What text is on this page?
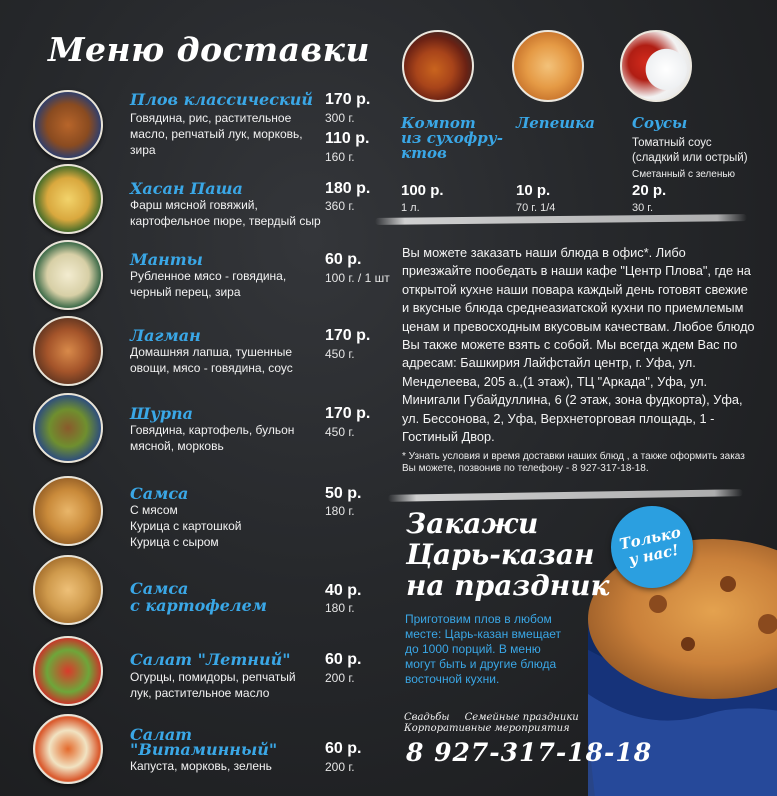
Меню доставки
Плов классический
Говядина, рис, растительное масло, репчатый лук, морковь, зира
170 р.
300 г.
110 р.
160 г.
Хасан Паша
Фарш мясной говяжий, картофельное пюре, твердый сыр
180 р.
360 г.
Манты
Рубленное мясо - говядина, черный перец, зира
60 р.
100 г. / 1 шт
Лагман
Домашняя лапша, тушенные овощи, мясо - говядина, соус
170 р.
450 г.
Шурпа
Говядина, картофель, бульон мясной, морковь
170 р.
450 г.
Самса
С мясом
Курица с картошкой
Курица с сыром
50 р.
180 г.
Самса
с картофелем
40 р.
180 г.
Салат "Летний"
Огурцы, помидоры, репчатый лук, растительное масло
60 р.
200 г.
Салат
"Витаминный"
Капуста, морковь, зелень
60 р.
200 г.
Компот
из сухофру-
ктов
100 р.
1 л.
Лепешка
10 р.
70 г. 1/4
Соусы
Томатный соус
(сладкий или острый)
Сметанный с зеленью
20 р.
30 г.
Вы можете заказать наши блюда в офис*. Либо приезжайте пообедать в наши кафе "Центр Плова", где на открытой кухне наши повара каждый день готовят свежие и вкусные блюда среднеазиатской кухни по приемлемым ценам и превосходным вкусовым качествам. Любое блюдо Вы также можете взять с собой. Мы всегда ждем Вас по адресам: Башкирия Лайфстайл центр, г. Уфа, ул. Менделеева, 205 а.,(1 этаж), ТЦ "Аркада", Уфа, ул. Минигали Губайдуллина, 6 (2 этаж, зона фудкорта), Уфа, ул. Бессонова, 2, Уфа, Верхнеторговая площадь, 1 - Гостиный Двор.
* Узнать условия и время доставки наших блюд , а также оформить заказ Вы можете, позвонив по телефону - 8 927-317-18-18.
Закажи
Царь-казан
на праздник
Только
у нас!
Приготовим плов в любом месте: Царь-казан вмещает до 1000 порций. В меню могут быть и другие блюда восточной кухни.
Свадьбы Семейные праздники Корпоративные мероприятия
8 927-317-18-18
